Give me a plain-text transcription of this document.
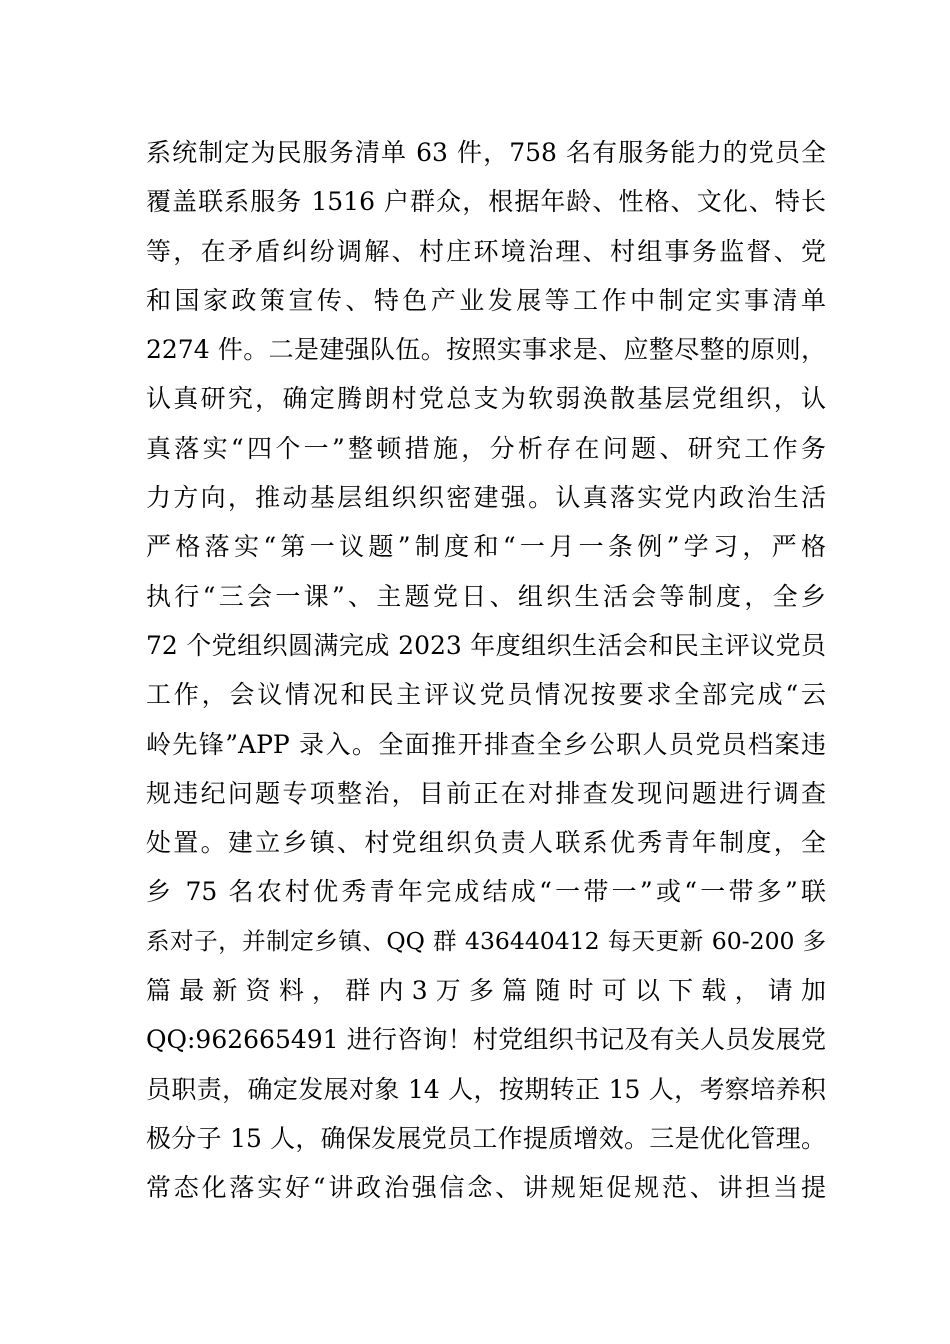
系统制定为民服务清单 63 件，758 名有服务能力的党员全
覆盖联系服务 1516 户群众，根据年龄、性格、文化、特长
等，在矛盾纠纷调解、村庄环境治理、村组事务监督、党
和国家政策宣传、特色产业发展等工作中制定实事清单
2274 件。二是建强队伍。按照实事求是、应整尽整的原则，
认真研究，确定腾朗村党总支为软弱涣散基层党组织，认
真落实“四个一”整顿措施，分析存在问题、研究工作务
力方向，推动基层组织织密建强。认真落实党内政治生活
严格落实“第一议题”制度和“一月一条例”学习，严格
执行“三会一课”、主题党日、组织生活会等制度，全乡
72 个党组织圆满完成 2023 年度组织生活会和民主评议党员
工作，会议情况和民主评议党员情况按要求全部完成“云
岭先锋”APP 录入。全面推开排查全乡公职人员党员档案违
规违纪问题专项整治，目前正在对排查发现问题进行调查
处置。建立乡镇、村党组织负责人联系优秀青年制度，全
乡 75 名农村优秀青年完成结成“一带一”或“一带多”联
系对子，并制定乡镇、QQ 群 436440412 每天更新 60-200 多
篇 最 新 资 料 ， 群 内 3 万 多 篇 随 时 可 以 下 载 ， 请 加
QQ:962665491 进行咨询！村党组织书记及有关人员发展党
员职责，确定发展对象 14 人，按期转正 15 人，考察培养积
极分子 15 人，确保发展党员工作提质增效。三是优化管理。
常态化落实好“讲政治强信念、讲规矩促规范、讲担当提
